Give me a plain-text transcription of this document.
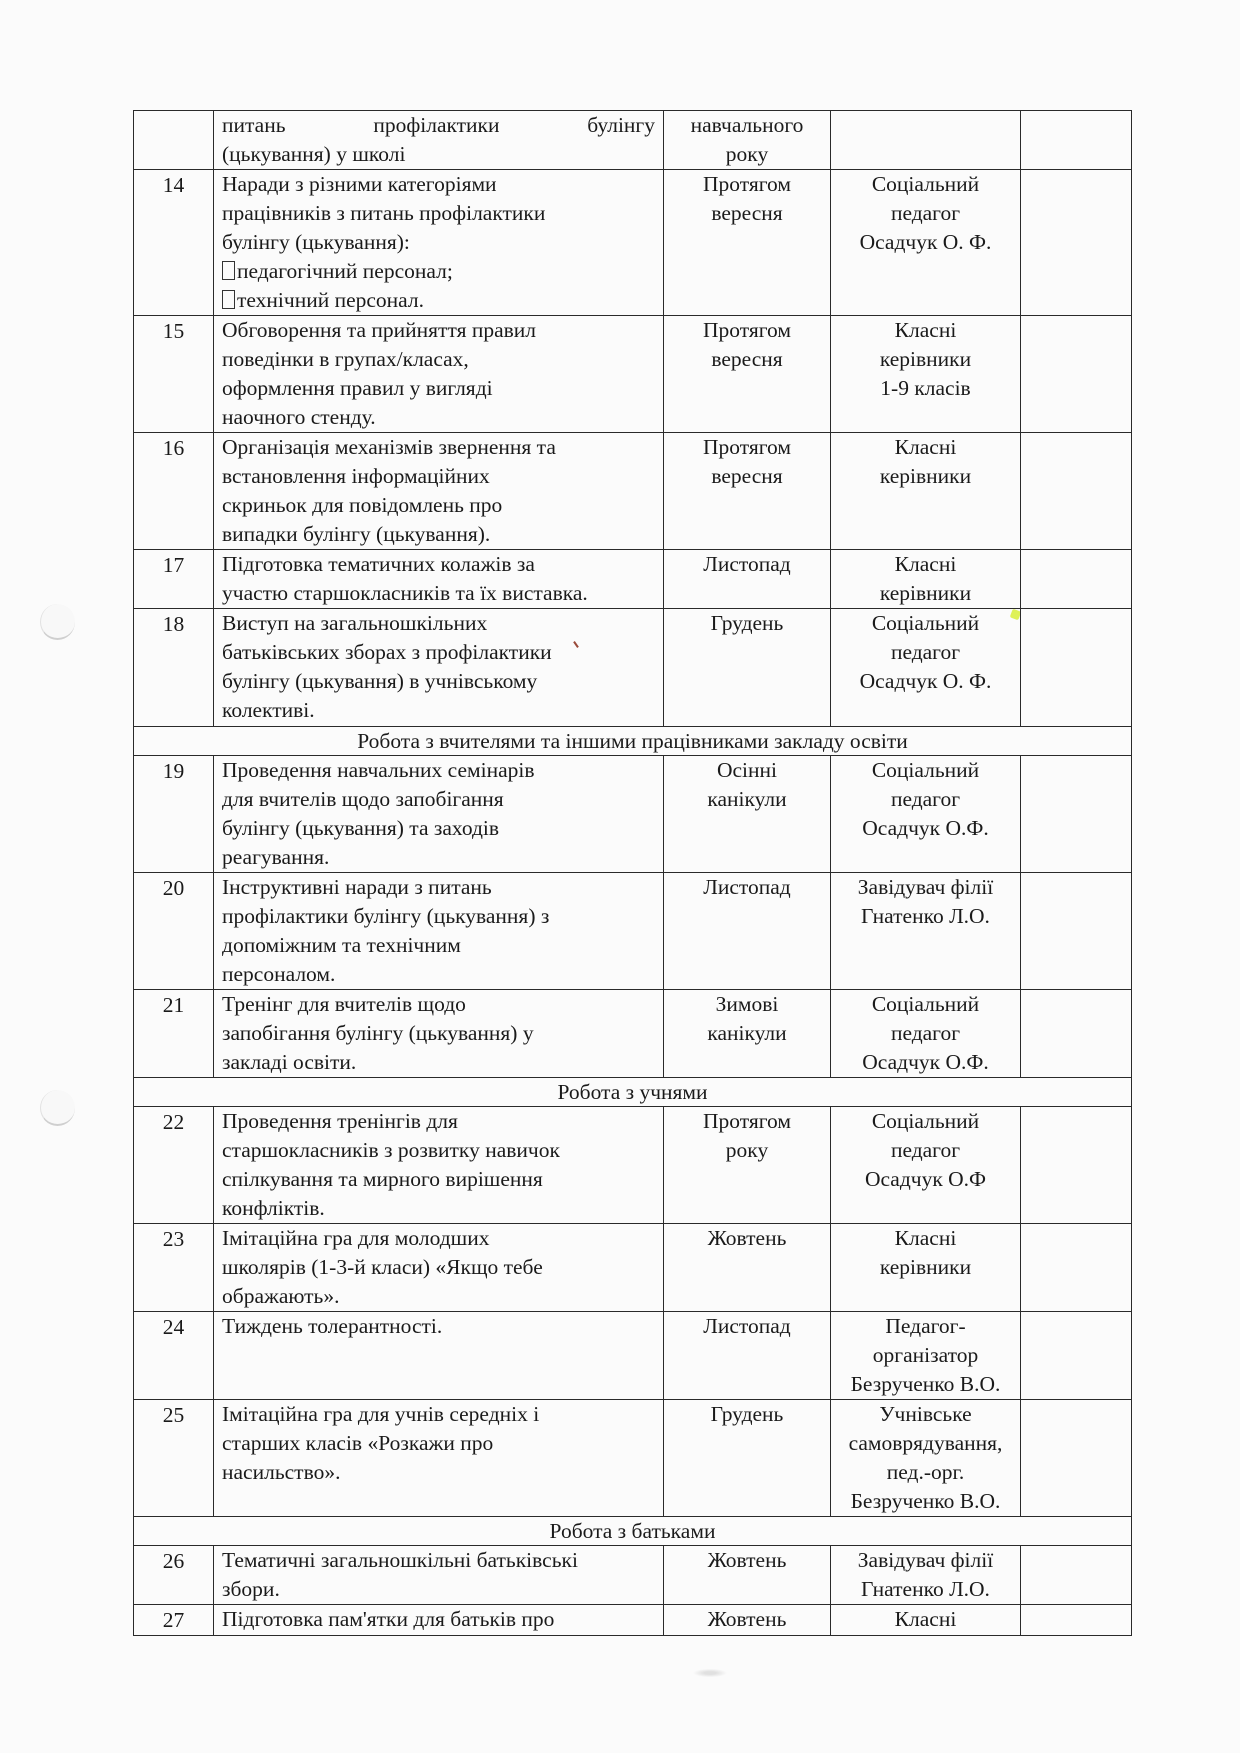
	питань профілактики булінгу
(цькування) у школі	навчального
року		

14	Наради з різними категоріями
працівників з питань профілактики
булінгу (цькування):
педагогічний персонал;
технічний персонал.	Протягом
вересня	Соціальний
педагог
Осадчук О. Ф.	

15	Обговорення та прийняття правил
поведінки в групах/класах,
оформлення правил у вигляді
наочного стенду.	Протягом
вересня	Класні
керівники
1-9 класів	

16	Організація механізмів звернення та
встановлення інформаційних
скриньок для повідомлень про
випадки булінгу (цькування).	Протягом
вересня	Класні
керівники	

17	Підготовка тематичних колажів за
участю старшокласників та їх виставка.	Листопад	Класні
керівники	

18	Виступ на загальношкільних
батьківських зборах з профілактики
булінгу (цькування) в учнівському
колективі.	Грудень	Соціальний
педагог
Осадчук О. Ф.	

Робота з вчителями та іншими працівниками закладу освіти				
19	Проведення навчальних семінарів
для вчителів щодо запобігання
булінгу (цькування) та заходів
реагування.	Осінні
канікули	Соціальний
педагог
Осадчук О.Ф.	

20	Інструктивні наради з питань
профілактики булінгу (цькування) з
допоміжним та технічним
персоналом.	Листопад	Завідувач філії
Гнатенко Л.О.	

21	Тренінг для вчителів щодо
запобігання булінгу (цькування) у
закладі освіти.	Зимові
канікули	Соціальний
педагог
Осадчук О.Ф.	

Робота з учнями				
22	Проведення тренінгів для
старшокласників з розвитку навичок
спілкування та мирного вирішення
конфліктів.	Протягом
року	Соціальний
педагог
Осадчук О.Ф	

23	Імітаційна гра для молодших
школярів (1-3-й класи) «Якщо тебе
ображають».	Жовтень	Класні
керівники	

24	Тиждень толерантності.	Листопад	Педагог-
організатор
Безрученко В.О.	

25	Імітаційна гра для учнів середніх і
старших класів «Розкажи про
насильство».	Грудень	Учнівське
самоврядування,
пед.-орг.
Безрученко В.О.	

Робота з батьками				
26	Тематичні загальношкільні батьківські
збори.	Жовтень	Завідувач філії
Гнатенко Л.О.	

27	Підготовка пам'ятки для батьків про	Жовтень	Класні	
